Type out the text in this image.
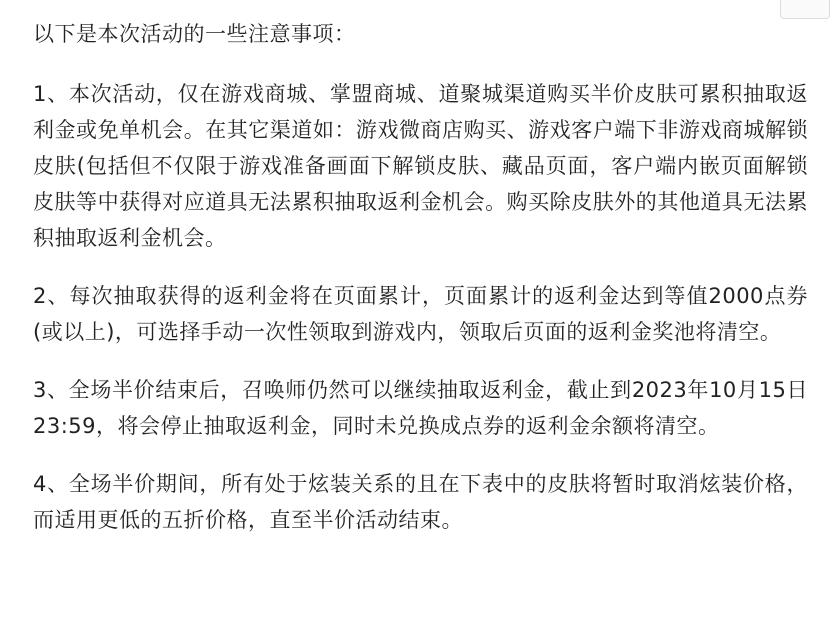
以下是本次活动的一些注意事项：
1、本次活动，仅在游戏商城、掌盟商城、道聚城渠道购买半价皮肤可累积抽取返利金或免单机会。在其它渠道如：游戏微商店购买、游戏客户端下非游戏商城解锁皮肤(包括但不仅限于游戏准备画面下解锁皮肤、藏品页面，客户端内嵌页面解锁皮肤等中获得对应道具无法累积抽取返利金机会。购买除皮肤外的其他道具无法累积抽取返利金机会。
2、每次抽取获得的返利金将在页面累计，页面累计的返利金达到等值2000点券(或以上)，可选择手动一次性领取到游戏内，领取后页面的返利金奖池将清空。
3、全场半价结束后，召唤师仍然可以继续抽取返利金，截止到2023年10月15日23:59，将会停止抽取返利金，同时未兑换成点券的返利金余额将清空。
4、全场半价期间，所有处于炫装关系的且在下表中的皮肤将暂时取消炫装价格，而适用更低的五折价格，直至半价活动结束。
